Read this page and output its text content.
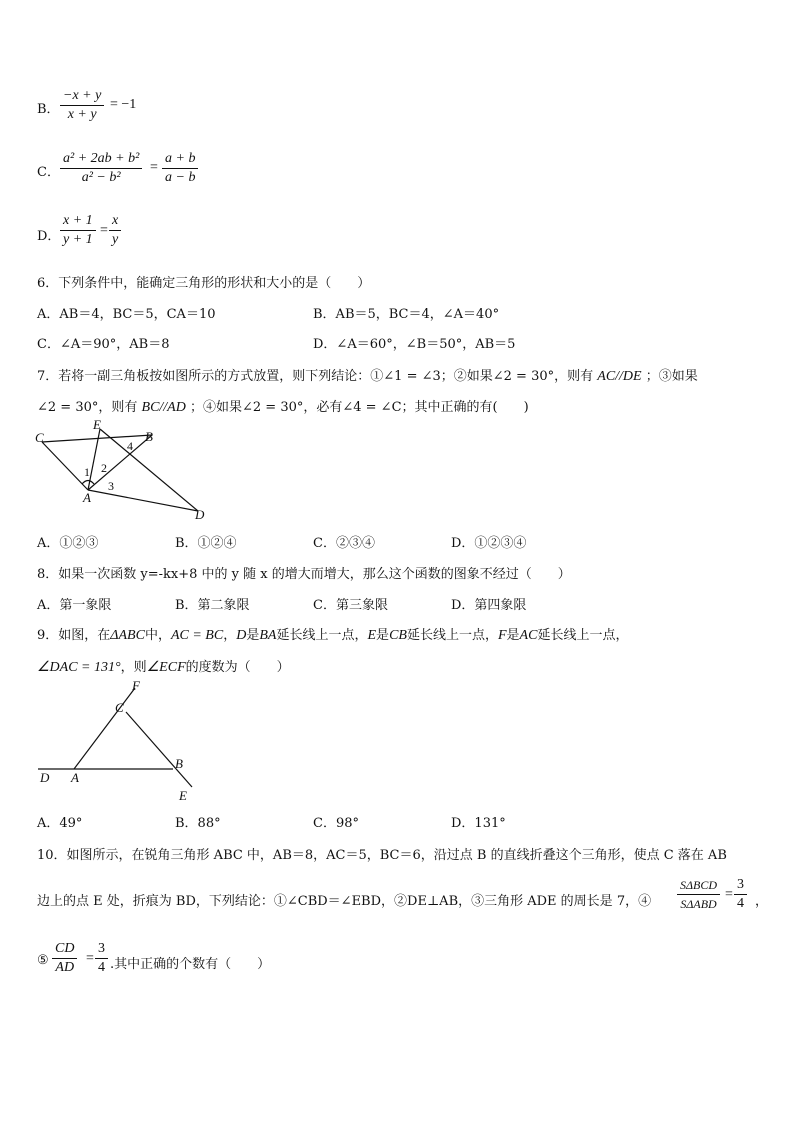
B． $\frac{-x + y}{x + y} = -1$
C． $\frac{\text{a² + 2ab + b²}}{\text{a² − b²}} = \frac{a + b}{a - b}$
D． $\frac{x + 1}{y + 1} = \frac{x}{y}$
6．下列条件中，能确定三角形的形状和大小的是（　　）
A．AB＝4，BC＝5，CA＝10	B．AB＝5，BC＝4，∠A＝40°
C．∠A＝90°，AB＝8	D．∠A＝60°，∠B＝50°，AB＝5
7．若将一副三角板按如图所示的方式放置，则下列结论：①∠1 = ∠3；②如果∠2 = 30°，则有 AC//DE ；③如果
∠2 = 30°，则有 BC//AD ；④如果∠2 = 30°，必有∠4 = ∠C；其中正确的有(　　)
C
E
B
A
D
1 2
3
4
A．①②③	B．①②④	C．②③④	D．①②③④
8．如果一次函数 y=-kx+8 中的 y 随 x 的增大而增大，那么这个函数的图象不经过（　　）
A．第一象限	B．第二象限	C．第三象限	D．第四象限
9．如图，在ΔABC中，AC = BC，D是BA延长线上一点，E是CB延长线上一点，F是AC延长线上一点，
∠DAC = 131°，则∠ECF的度数为（　　）
F
C
D A
B
E
A．49°	B．88°	C．98°	D．131°
10．如图所示，在锐角三角形 ABC 中，AB＝8，AC＝5，BC＝6，沿过点 B 的直线折叠这个三角形，使点 C 落在 AB
边上的点 E 处，折痕为 BD，下列结论：①∠CBD＝∠EBD，②DE⊥AB，③三角形 ADE 的周长是 7，④
SΔBCD
SΔABD
= $\frac{3}{4}$ ，
⑤ $\frac{CD}{AD} = \frac{3}{4}$ .其中正确的个数有（　　）
